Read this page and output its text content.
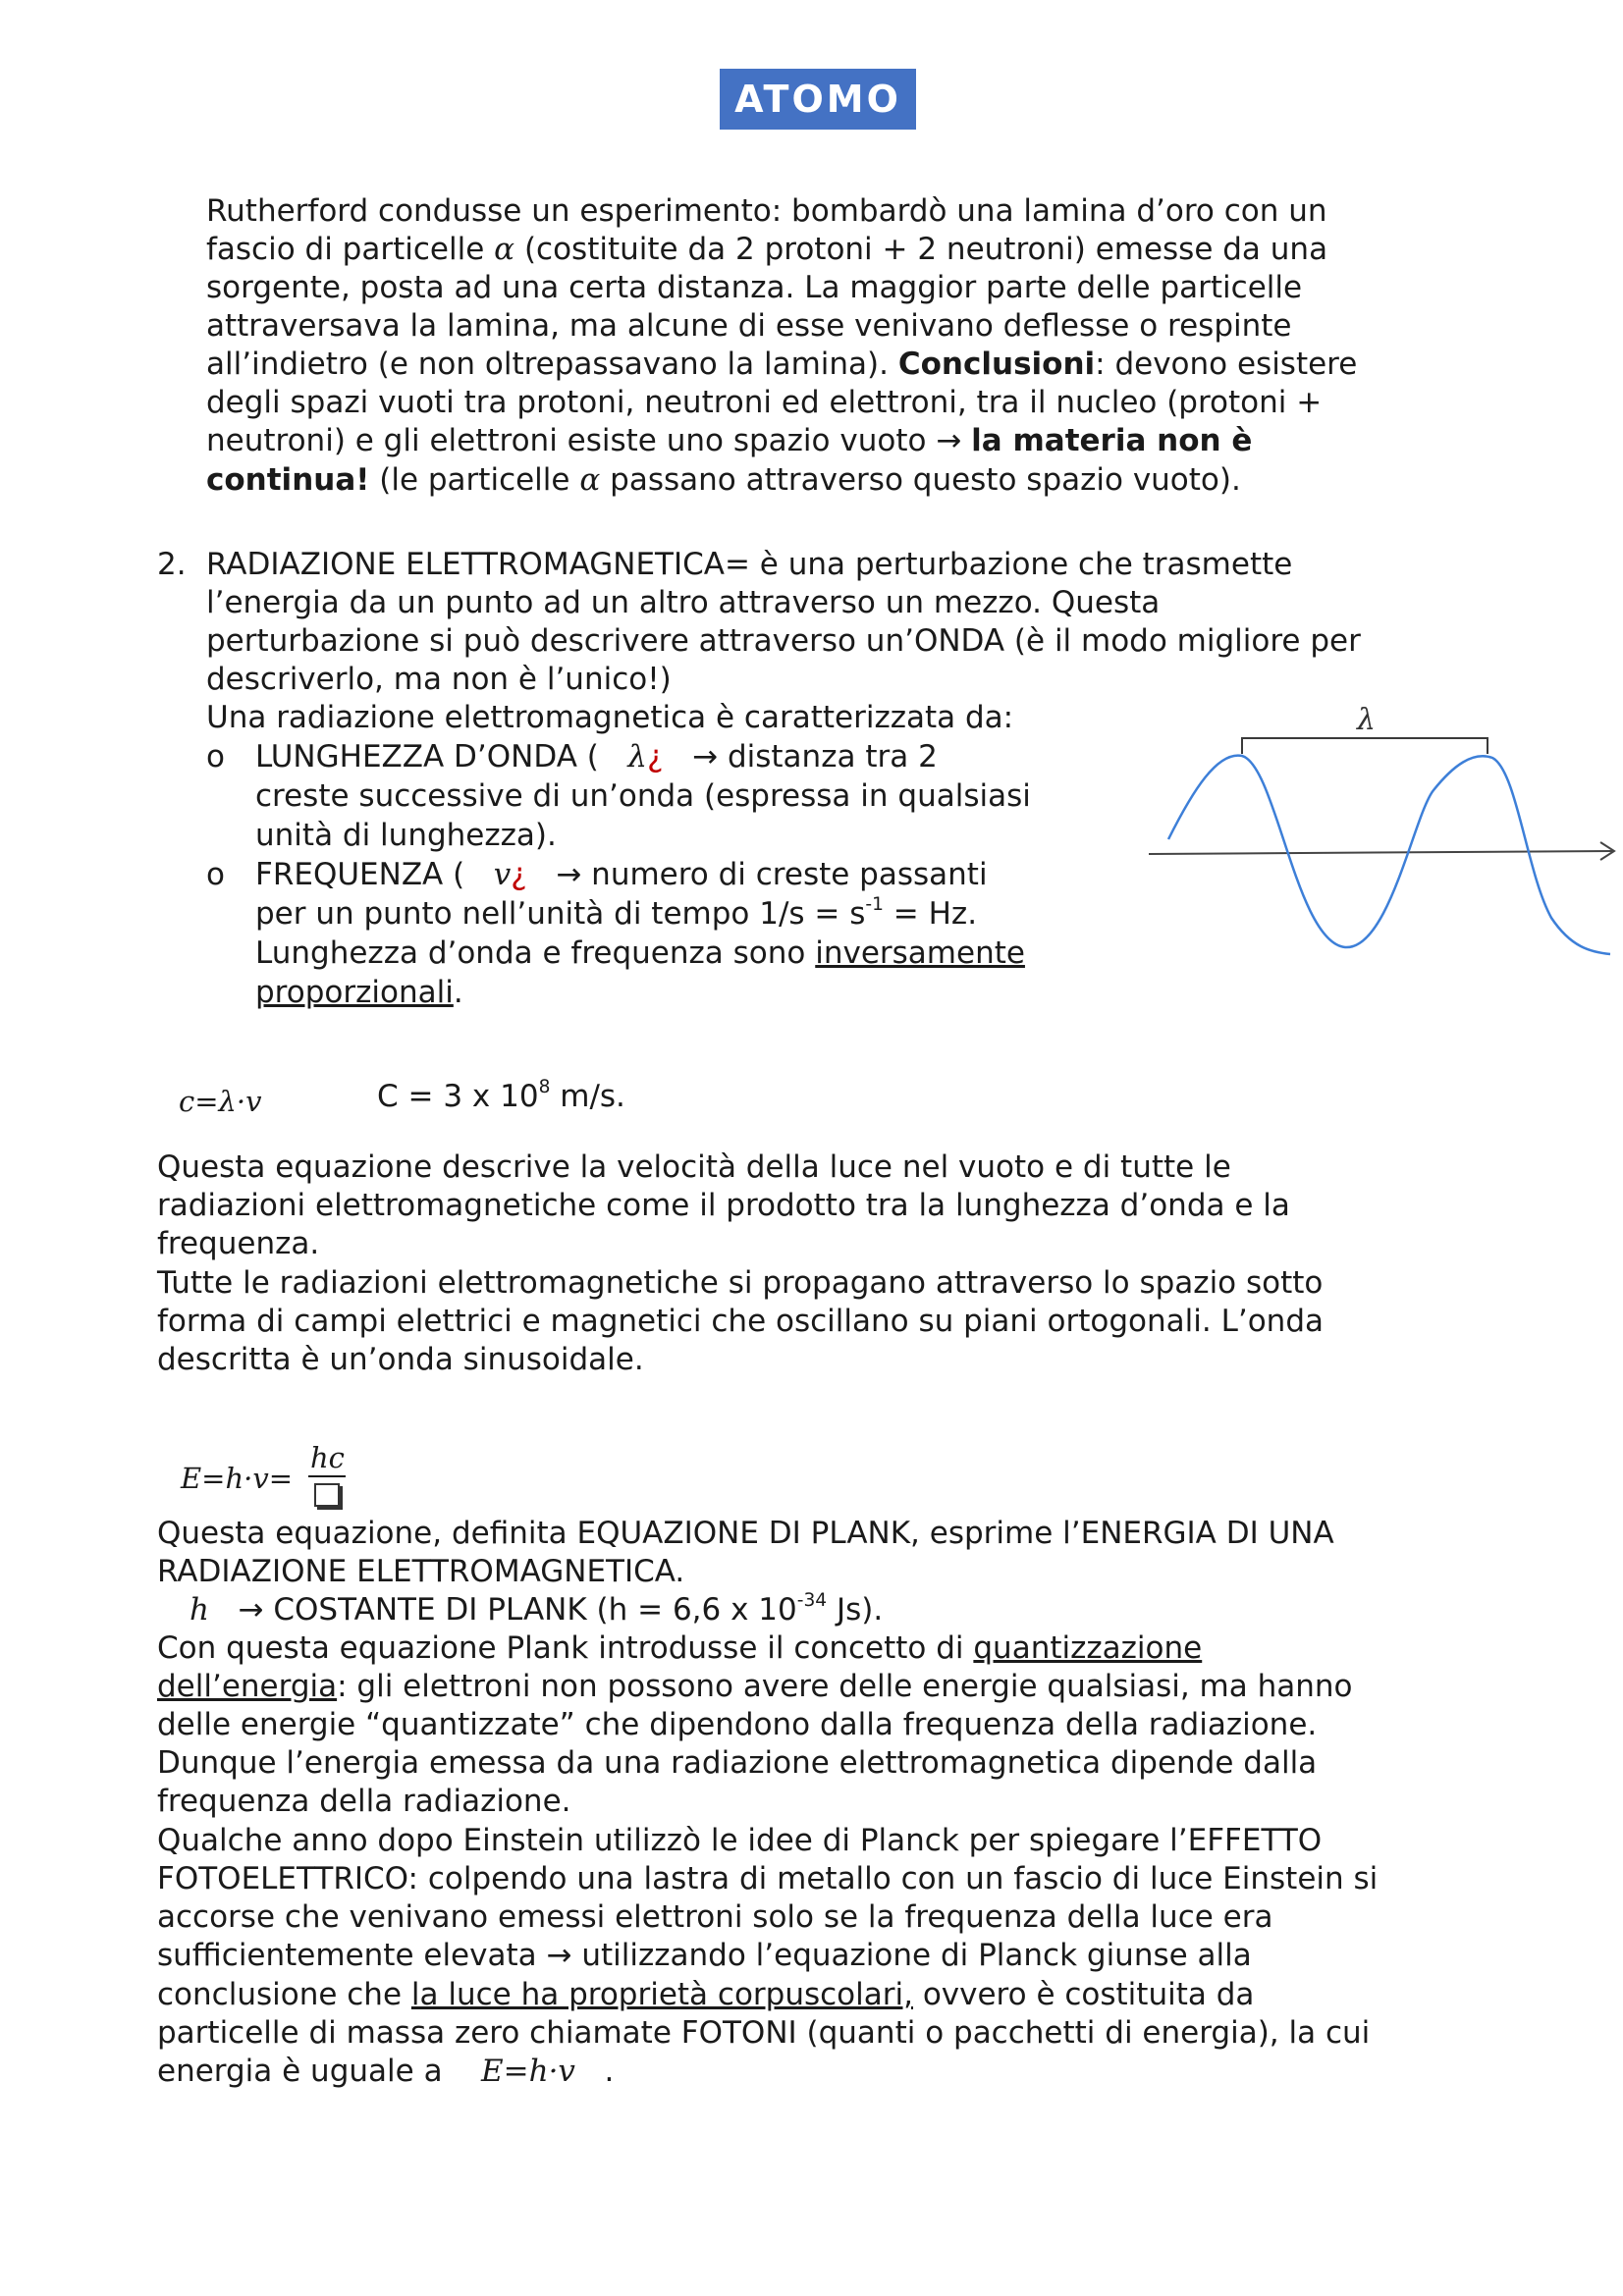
ATOMO

Rutherford condusse un esperimento: bombardò una lamina d’oro con un

fascio di particelle α (costituite da 2 protoni + 2 neutroni) emesse da una

sorgente, posta ad una certa distanza. La maggior parte delle particelle

attraversava la lamina, ma alcune di esse venivano deflesse o respinte

all’indietro (e non oltrepassavano la lamina). Conclusioni: devono esistere

degli spazi vuoti tra protoni, neutroni ed elettroni, tra il nucleo (protoni +

neutroni) e gli elettroni esiste uno spazio vuoto → la materia non è

continua! (le particelle α passano attraverso questo spazio vuoto).

2. RADIAZIONE ELETTROMAGNETICA= è una perturbazione che trasmette

l’energia da un punto ad un altro attraverso un mezzo. Questa

perturbazione si può descrivere attraverso un’ONDA (è il modo migliore per

descriverlo, ma non è l’unico!)

Una radiazione elettromagnetica è caratterizzata da:

o LUNGHEZZA D’ONDA ( λ¿ → distanza tra 2

creste successive di un’onda (espressa in qualsiasi

unità di lunghezza).

o FREQUENZA ( v¿ → numero di creste passanti

per un punto nell’unità di tempo $1/s = s^{-1} = Hz$.

Lunghezza d’onda e frequenza sono inversamente

proporzionali.

λ

c=λ·v	C = 3 x $10^8$ m/s.

Questa equazione descrive la velocità della luce nel vuoto e di tutte le

radiazioni elettromagnetiche come il prodotto tra la lunghezza d’onda e la

frequenza.

Tutte le radiazioni elettromagnetiche si propagano attraverso lo spazio sotto

forma di campi elettrici e magnetici che oscillano su piani ortogonali. L’onda

descritta è un’onda sinusoidale.

E=h·v=

hc

Questa equazione, definita EQUAZIONE DI PLANK, esprime l’ENERGIA DI UNA

RADIAZIONE ELETTROMAGNETICA.

h → COSTANTE DI PLANK (h = 6,6 x $10^{-34}$ Js).

Con questa equazione Plank introdusse il concetto di quantizzazione

dell’energia: gli elettroni non possono avere delle energie qualsiasi, ma hanno

delle energie “quantizzate” che dipendono dalla frequenza della radiazione.

Dunque l’energia emessa da una radiazione elettromagnetica dipende dalla

frequenza della radiazione.

Qualche anno dopo Einstein utilizzò le idee di Planck per spiegare l’EFFETTO

FOTOELETTRICO: colpendo una lastra di metallo con un fascio di luce Einstein si

accorse che venivano emessi elettroni solo se la frequenza della luce era

sufficientemente elevata → utilizzando l’equazione di Planck giunse alla

conclusione che la luce ha proprietà corpuscolari, ovvero è costituita da

particelle di massa zero chiamate FOTONI (quanti o pacchetti di energia), la cui

energia è uguale a E=h·v .
